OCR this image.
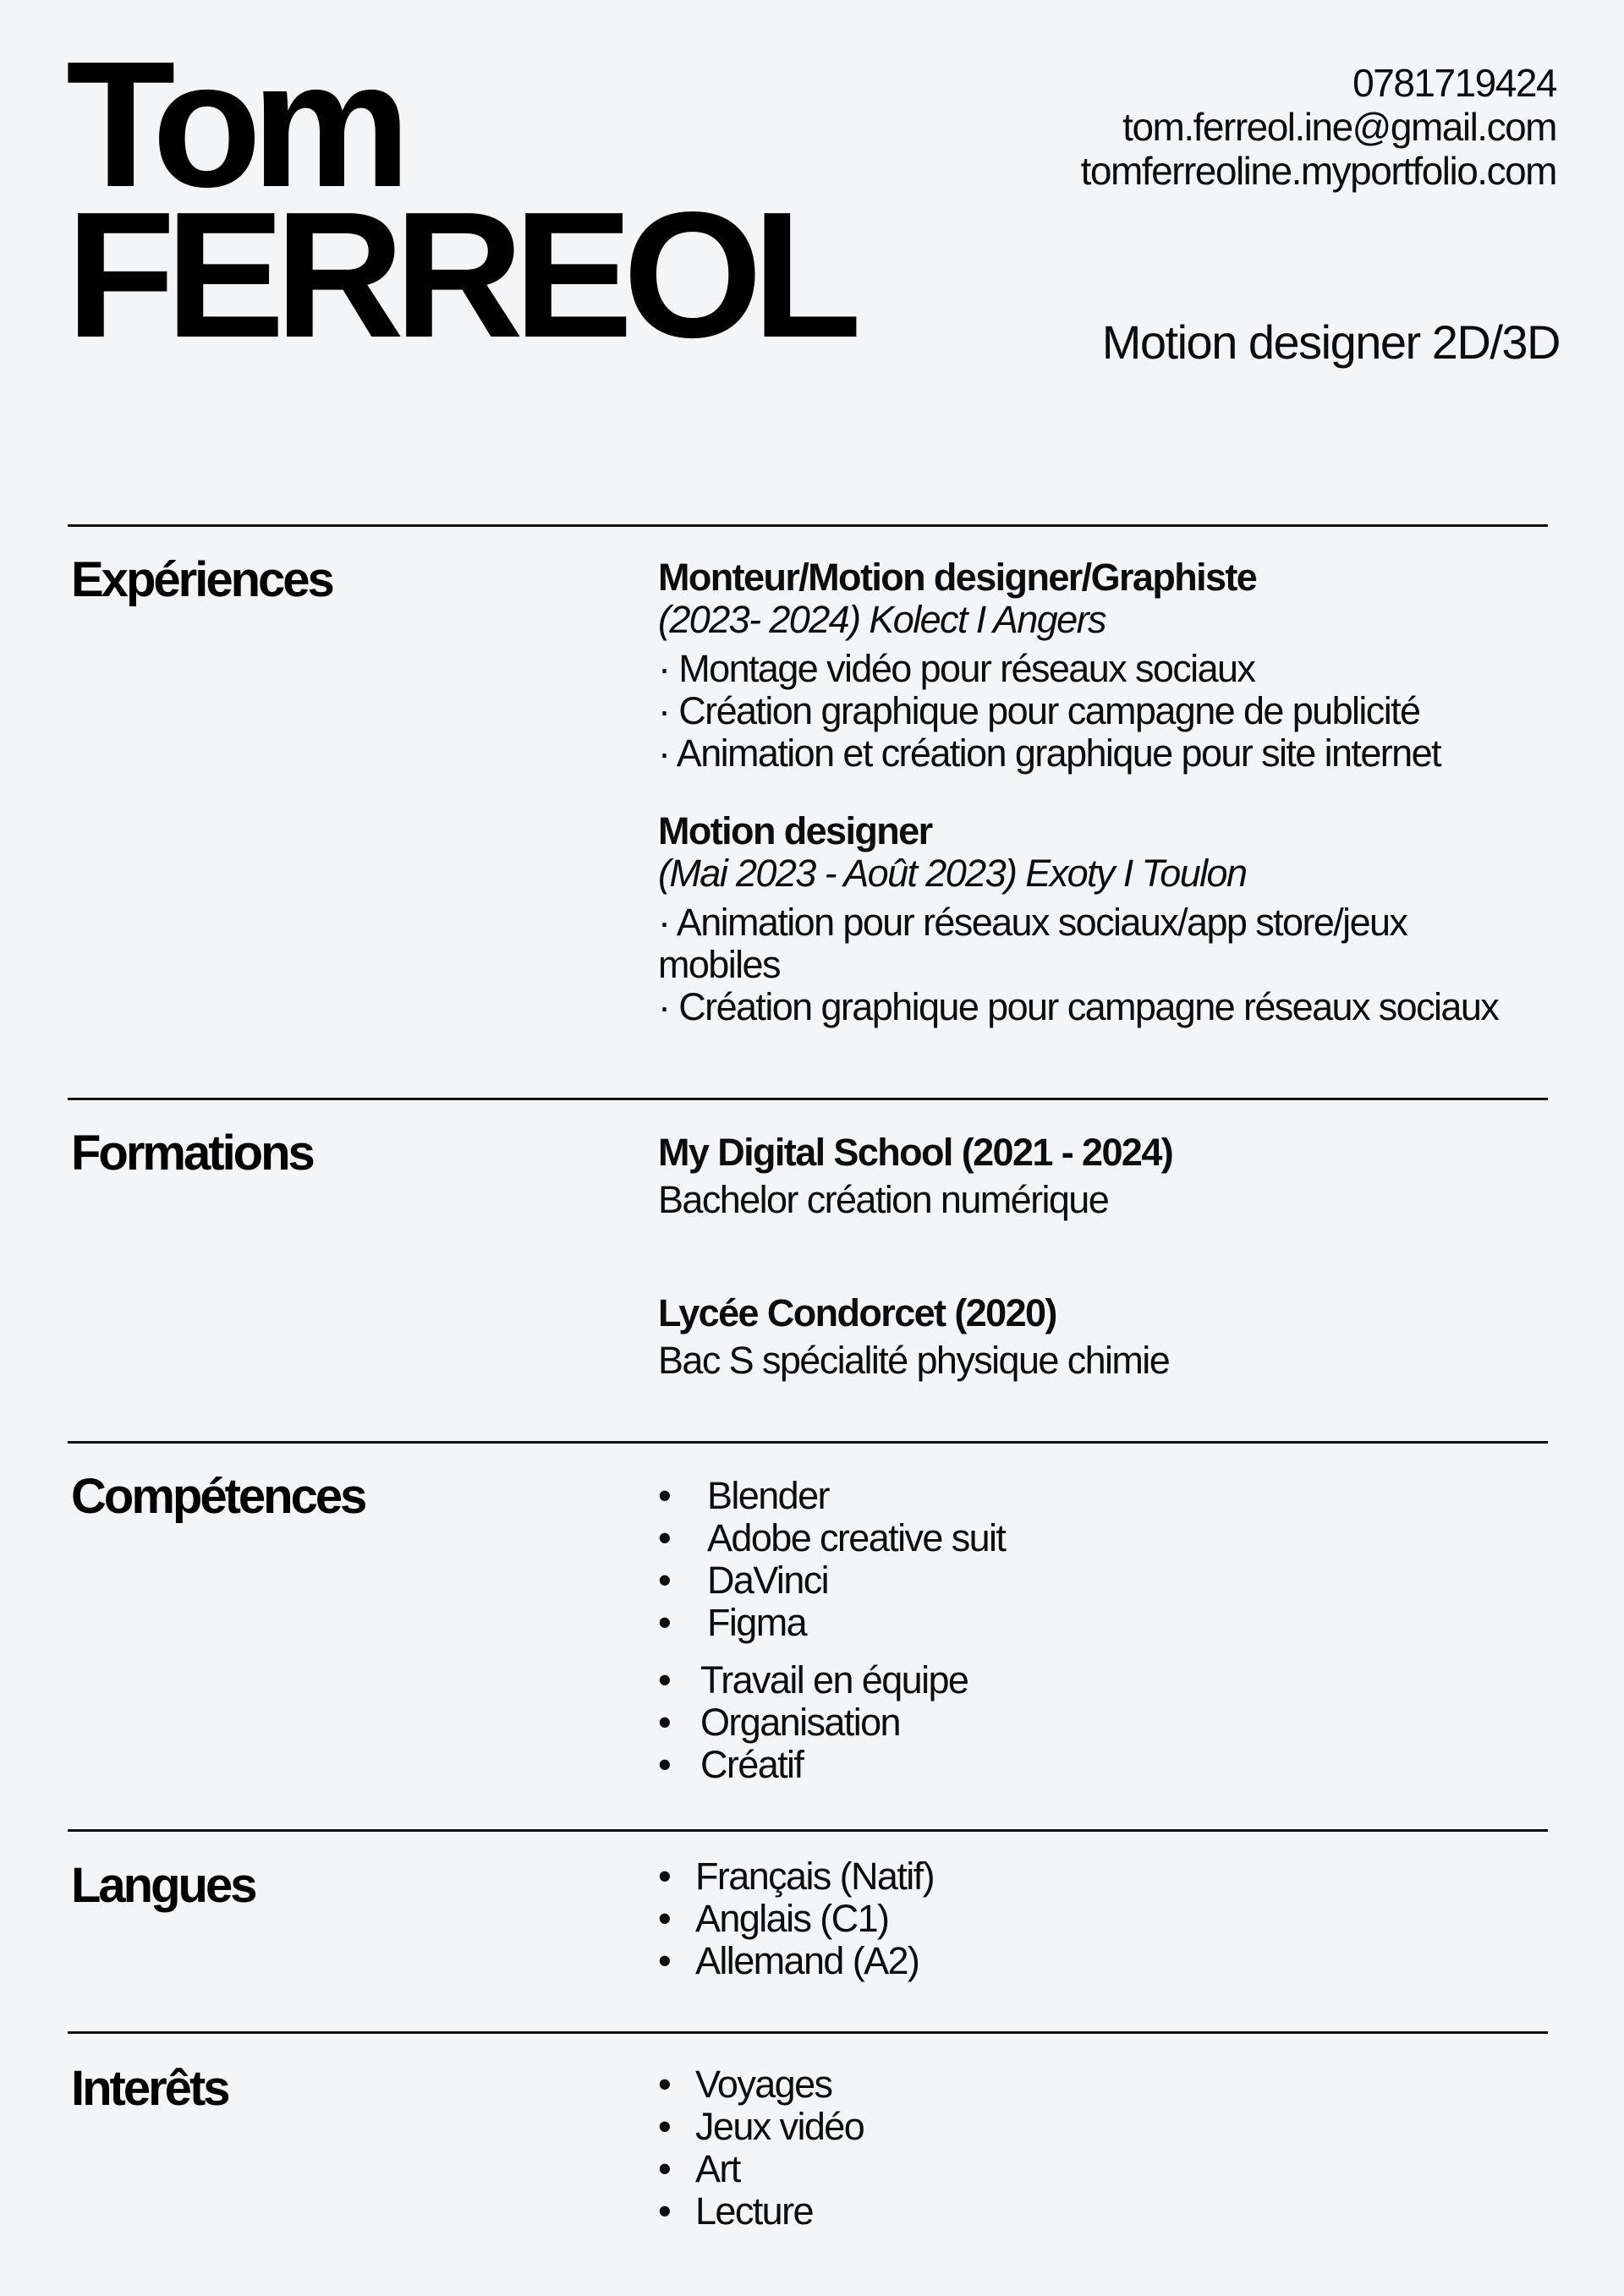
Tom
FERREOL
0781719424
tom.ferreol.ine@gmail.com
tomferreoline.myportfolio.com
Motion designer 2D/3D
Expériences	Monteur/Motion designer/Graphiste
(2023- 2024) Kolect I Angers
· Montage vidéo pour réseaux sociaux
· Création graphique pour campagne de publicité
· Animation et création graphique pour site internet
Motion designer
(Mai 2023 - Août 2023) Exoty I Toulon
· Animation pour réseaux sociaux/app store/jeux mobiles
· Création graphique pour campagne réseaux sociaux
Formations	My Digital School (2021 - 2024)
Bachelor création numérique
Lycée Condorcet (2020)
Bac S spécialité physique chimie
Compétences	• Blender
• Adobe creative suit
• DaVinci
• Figma
• Travail en équipe
• Organisation
• Créatif
Langues	• Français (Natif)
• Anglais (C1)
• Allemand (A2)
Interêts	• Voyages
• Jeux vidéo
• Art
• Lecture
